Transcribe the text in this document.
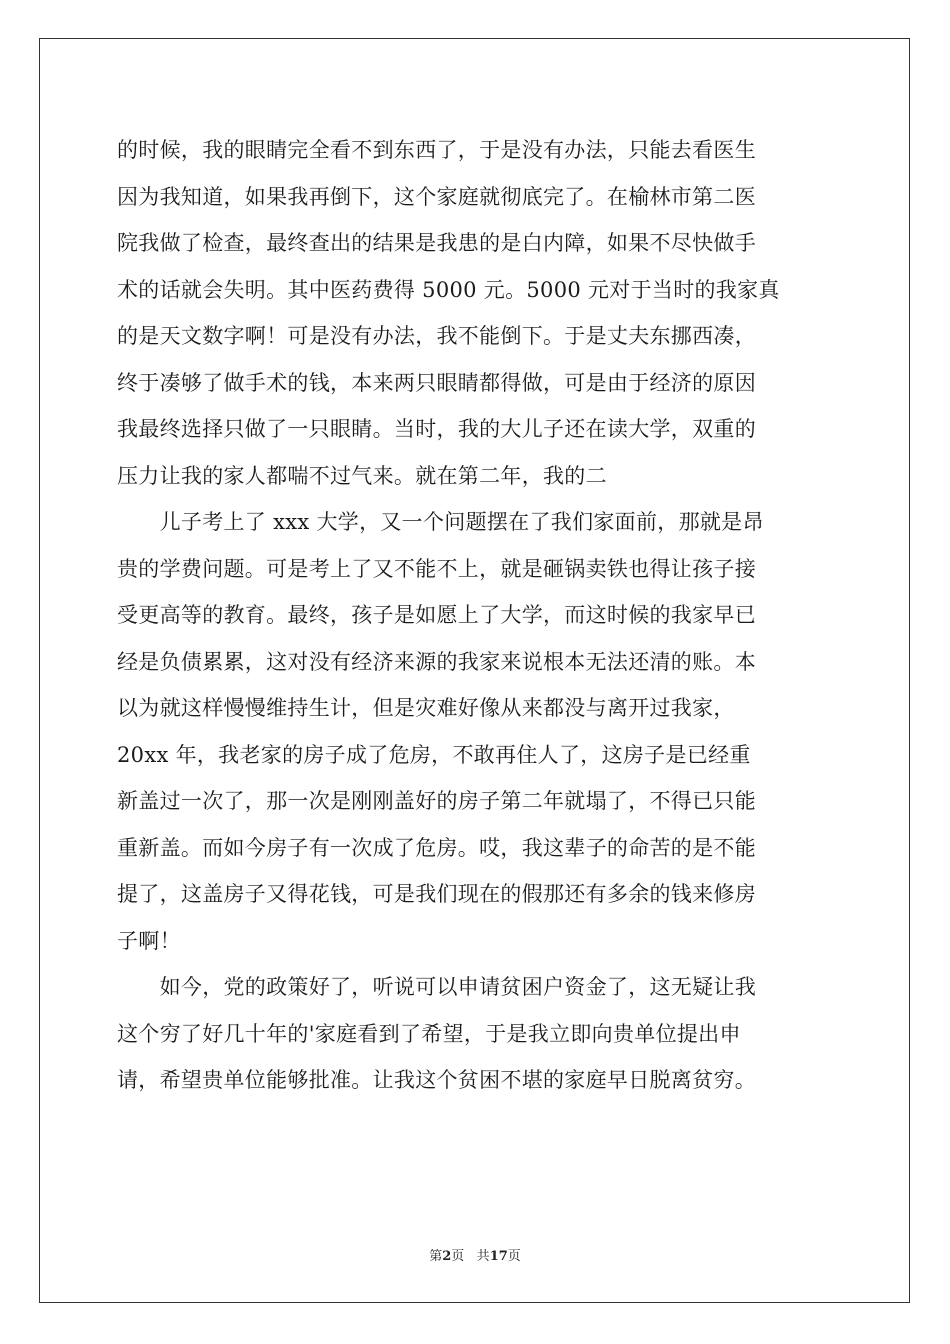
的时候，我的眼睛完全看不到东西了，于是没有办法，只能去看医生
因为我知道，如果我再倒下，这个家庭就彻底完了。在榆林市第二医
院我做了检查，最终查出的结果是我患的是白内障，如果不尽快做手
术的话就会失明。其中医药费得 5000 元。5000 元对于当时的我家真
的是天文数字啊！可是没有办法，我不能倒下。于是丈夫东挪西凑，
终于凑够了做手术的钱，本来两只眼睛都得做，可是由于经济的原因
我最终选择只做了一只眼睛。当时，我的大儿子还在读大学，双重的
压力让我的家人都喘不过气来。就在第二年，我的二
　　儿子考上了 xxx 大学，又一个问题摆在了我们家面前，那就是昂
贵的学费问题。可是考上了又不能不上，就是砸锅卖铁也得让孩子接
受更高等的教育。最终，孩子是如愿上了大学，而这时候的我家早已
经是负债累累，这对没有经济来源的我家来说根本无法还清的账。本
以为就这样慢慢维持生计，但是灾难好像从来都没与离开过我家，
20xx 年，我老家的房子成了危房，不敢再住人了，这房子是已经重
新盖过一次了，那一次是刚刚盖好的房子第二年就塌了，不得已只能
重新盖。而如今房子有一次成了危房。哎，我这辈子的命苦的是不能
提了，这盖房子又得花钱，可是我们现在的假那还有多余的钱来修房
子啊！
　　如今，党的政策好了，听说可以申请贫困户资金了，这无疑让我
这个穷了好几十年的'家庭看到了希望，于是我立即向贵单位提出申
请，希望贵单位能够批准。让我这个贫困不堪的家庭早日脱离贫穷。
第2页 共17页
